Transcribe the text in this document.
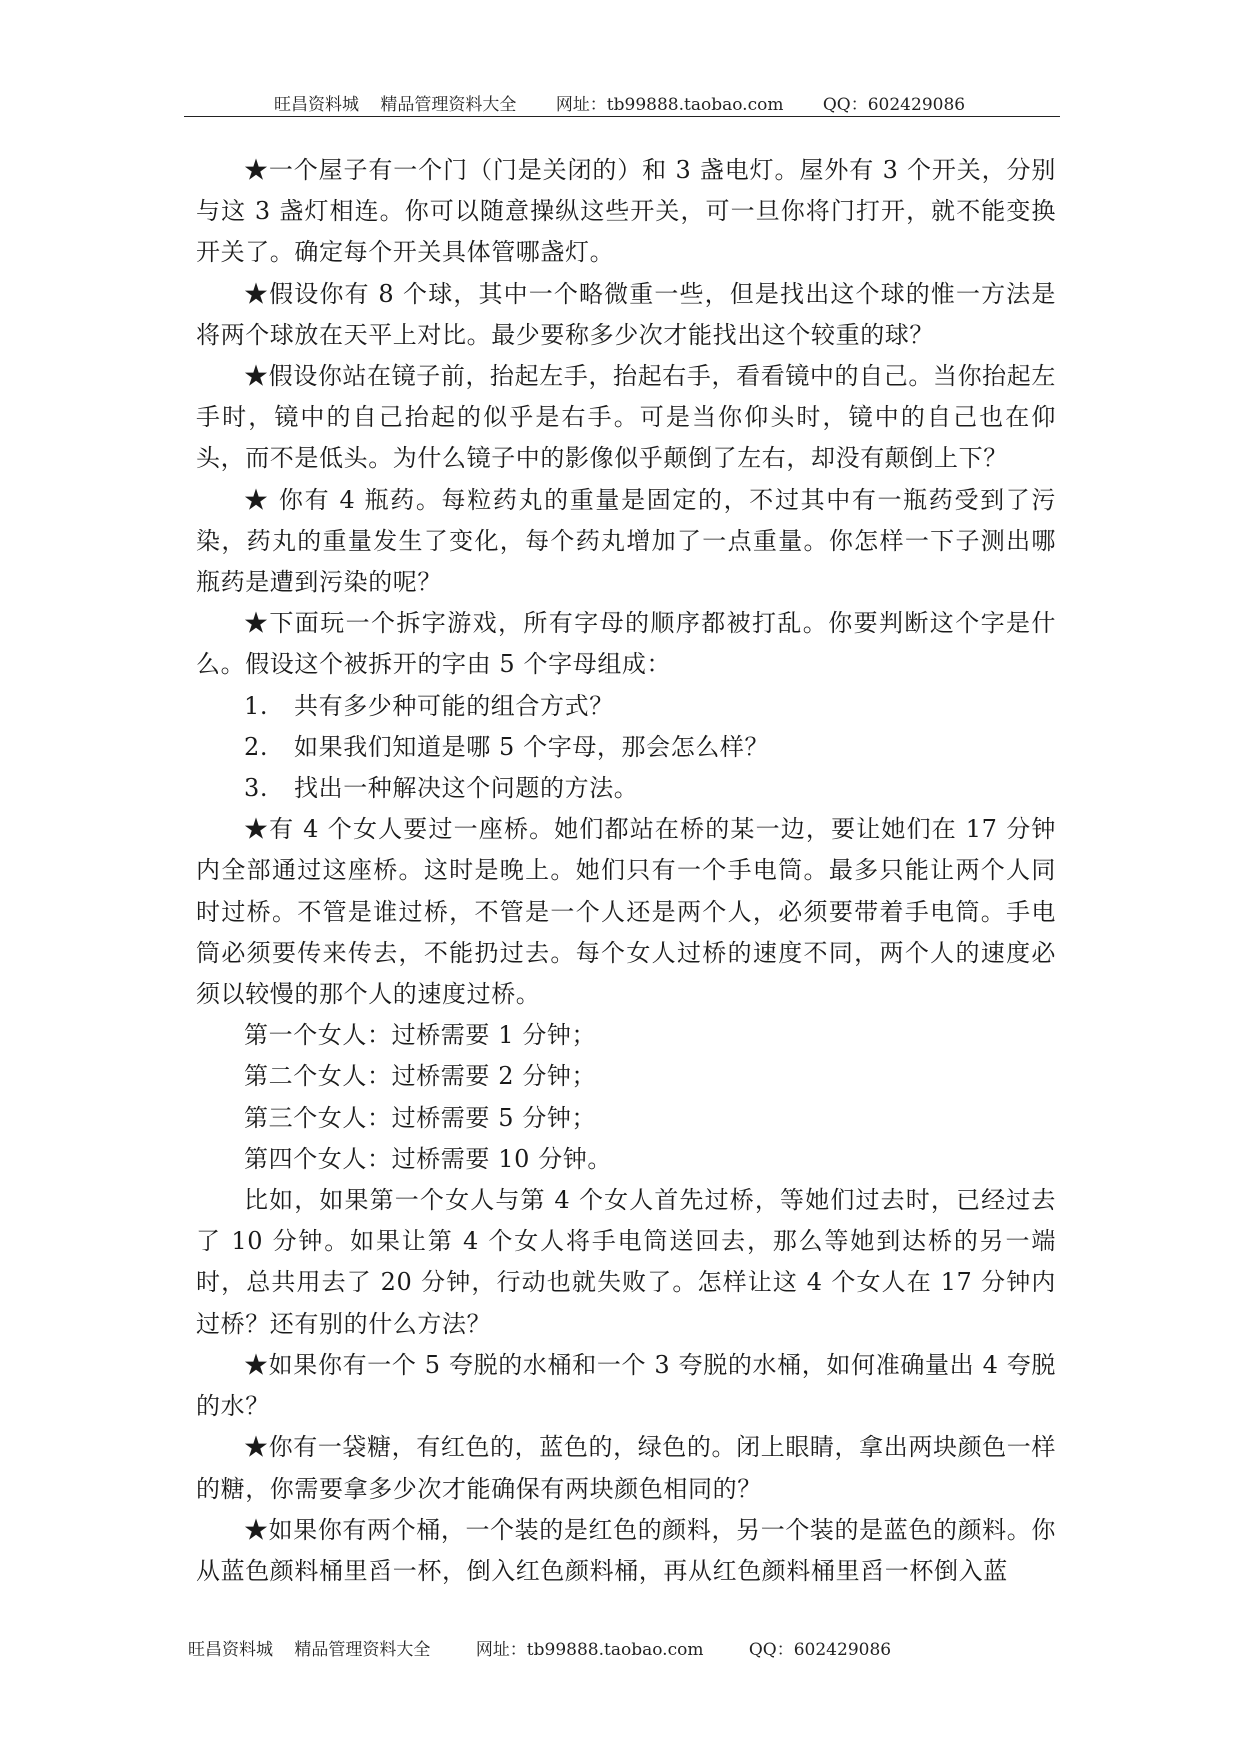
旺昌资料城 精品管理资料大全 网址：tb99888.taobao.com QQ：602429086

★一个屋子有一个门（门是关闭的）和 3 盏电灯。屋外有 3 个开关，分别与这 3 盏灯相连。你可以随意操纵这些开关，可一旦你将门打开，就不能变换开关了。确定每个开关具体管哪盏灯。

★假设你有 8 个球，其中一个略微重一些，但是找出这个球的惟一方法是将两个球放在天平上对比。最少要称多少次才能找出这个较重的球？

★假设你站在镜子前，抬起左手，抬起右手，看看镜中的自己。当你抬起左手时，镜中的自己抬起的似乎是右手。可是当你仰头时，镜中的自己也在仰头，而不是低头。为什么镜子中的影像似乎颠倒了左右，却没有颠倒上下？

★ 你有 4 瓶药。每粒药丸的重量是固定的，不过其中有一瓶药受到了污染，药丸的重量发生了变化，每个药丸增加了一点重量。你怎样一下子测出哪瓶药是遭到污染的呢？

★下面玩一个拆字游戏，所有字母的顺序都被打乱。你要判断这个字是什么。假设这个被拆开的字由 5 个字母组成：

1. 共有多少种可能的组合方式？

2. 如果我们知道是哪 5 个字母，那会怎么样？

3. 找出一种解决这个问题的方法。

★有 4 个女人要过一座桥。她们都站在桥的某一边，要让她们在 17 分钟内全部通过这座桥。这时是晚上。她们只有一个手电筒。最多只能让两个人同时过桥。不管是谁过桥，不管是一个人还是两个人，必须要带着手电筒。手电筒必须要传来传去，不能扔过去。每个女人过桥的速度不同，两个人的速度必须以较慢的那个人的速度过桥。

第一个女人：过桥需要 1 分钟；

第二个女人：过桥需要 2 分钟；

第三个女人：过桥需要 5 分钟；

第四个女人：过桥需要 10 分钟。

比如，如果第一个女人与第 4 个女人首先过桥，等她们过去时，已经过去了 10 分钟。如果让第 4 个女人将手电筒送回去，那么等她到达桥的另一端时，总共用去了 20 分钟，行动也就失败了。怎样让这 4 个女人在 17 分钟内过桥？还有别的什么方法？

★如果你有一个 5 夸脱的水桶和一个 3 夸脱的水桶，如何准确量出 4 夸脱的水？

★你有一袋糖，有红色的，蓝色的，绿色的。闭上眼睛，拿出两块颜色一样的糖，你需要拿多少次才能确保有两块颜色相同的？

★如果你有两个桶，一个装的是红色的颜料，另一个装的是蓝色的颜料。你从蓝色颜料桶里舀一杯，倒入红色颜料桶，再从红色颜料桶里舀一杯倒入蓝

旺昌资料城 精品管理资料大全	网址：tb99888.taobao.com	QQ：602429086
